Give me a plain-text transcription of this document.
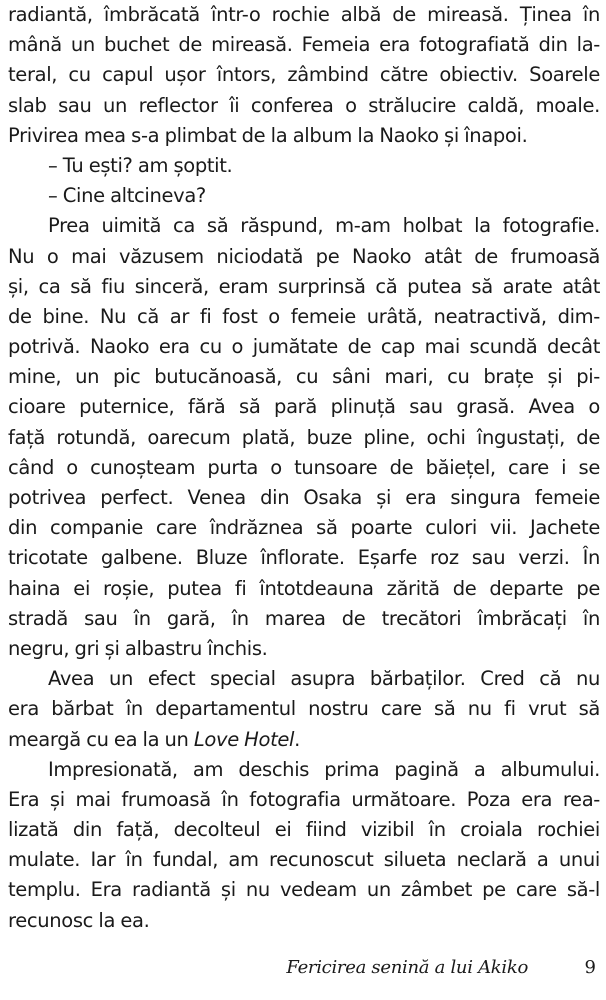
radiantă, îmbrăcată într-o rochie albă de mireasă. Ținea în
mână un buchet de mireasă. Femeia era fotografiată din la-
teral, cu capul ușor întors, zâmbind către obiectiv. Soarele
slab sau un reflector îi conferea o strălucire caldă, moale.
Privirea mea s-a plimbat de la album la Naoko și înapoi.
– Tu ești? am șoptit.
– Cine altcineva?
Prea uimită ca să răspund, m-am holbat la fotografie.
Nu o mai văzusem niciodată pe Naoko atât de frumoasă
și, ca să fiu sinceră, eram surprinsă că putea să arate atât
de bine. Nu că ar fi fost o femeie urâtă, neatractivă, dim-
potrivă. Naoko era cu o jumătate de cap mai scundă decât
mine, un pic butucănoasă, cu sâni mari, cu brațe și pi-
cioare puternice, fără să pară plinuță sau grasă. Avea o
față rotundă, oarecum plată, buze pline, ochi îngustați, de
când o cunoșteam purta o tunsoare de băiețel, care i se
potrivea perfect. Venea din Osaka și era singura femeie
din companie care îndrăznea să poarte culori vii. Jachete
tricotate galbene. Bluze înflorate. Eșarfe roz sau verzi. În
haina ei roșie, putea fi întotdeauna zărită de departe pe
stradă sau în gară, în marea de trecători îmbrăcați în
negru, gri și albastru închis.
Avea un efect special asupra bărbaților. Cred că nu
era bărbat în departamentul nostru care să nu fi vrut să
meargă cu ea la un Love Hotel.
Impresionată, am deschis prima pagină a albumului.
Era și mai frumoasă în fotografia următoare. Poza era rea-
lizată din față, decolteul ei fiind vizibil în croiala rochiei
mulate. Iar în fundal, am recunoscut silueta neclară a unui
templu. Era radiantă și nu vedeam un zâmbet pe care să-l
recunosc la ea.
Fericirea senină a lui Akiko	9
